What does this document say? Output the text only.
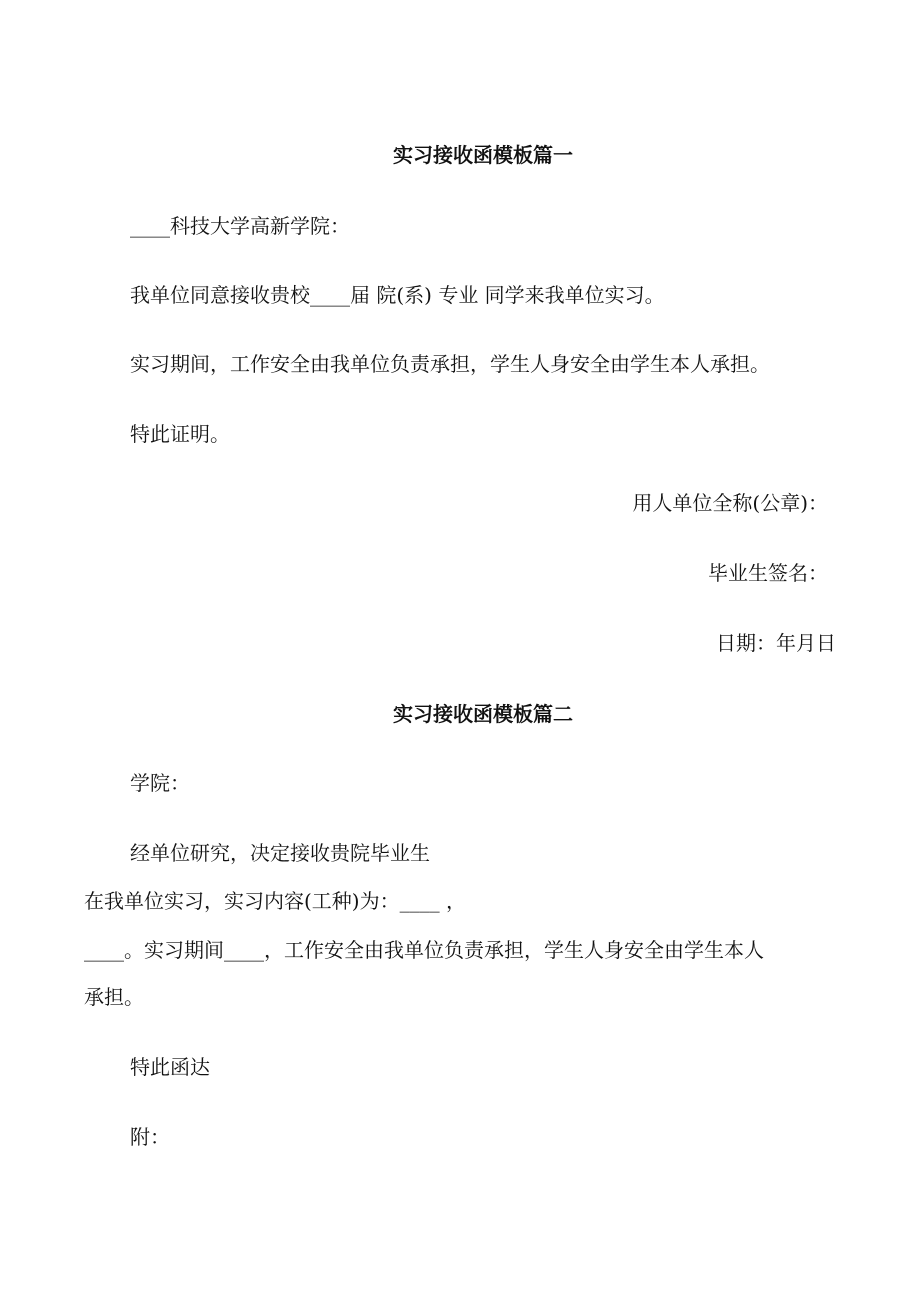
实习接收函模板篇一
____科技大学高新学院：
我单位同意接收贵校____届 院(系) 专业 同学来我单位实习。
实习期间，工作安全由我单位负责承担，学生人身安全由学生本人承担。
特此证明。
用人单位全称(公章)：
毕业生签名：
日期：年月日
实习接收函模板篇二
学院：
经单位研究，决定接收贵院毕业生
在我单位实习，实习内容(工种)为：____ ，
____。实习期间____，工作安全由我单位负责承担，学生人身安全由学生本人
承担。
特此函达
附：
